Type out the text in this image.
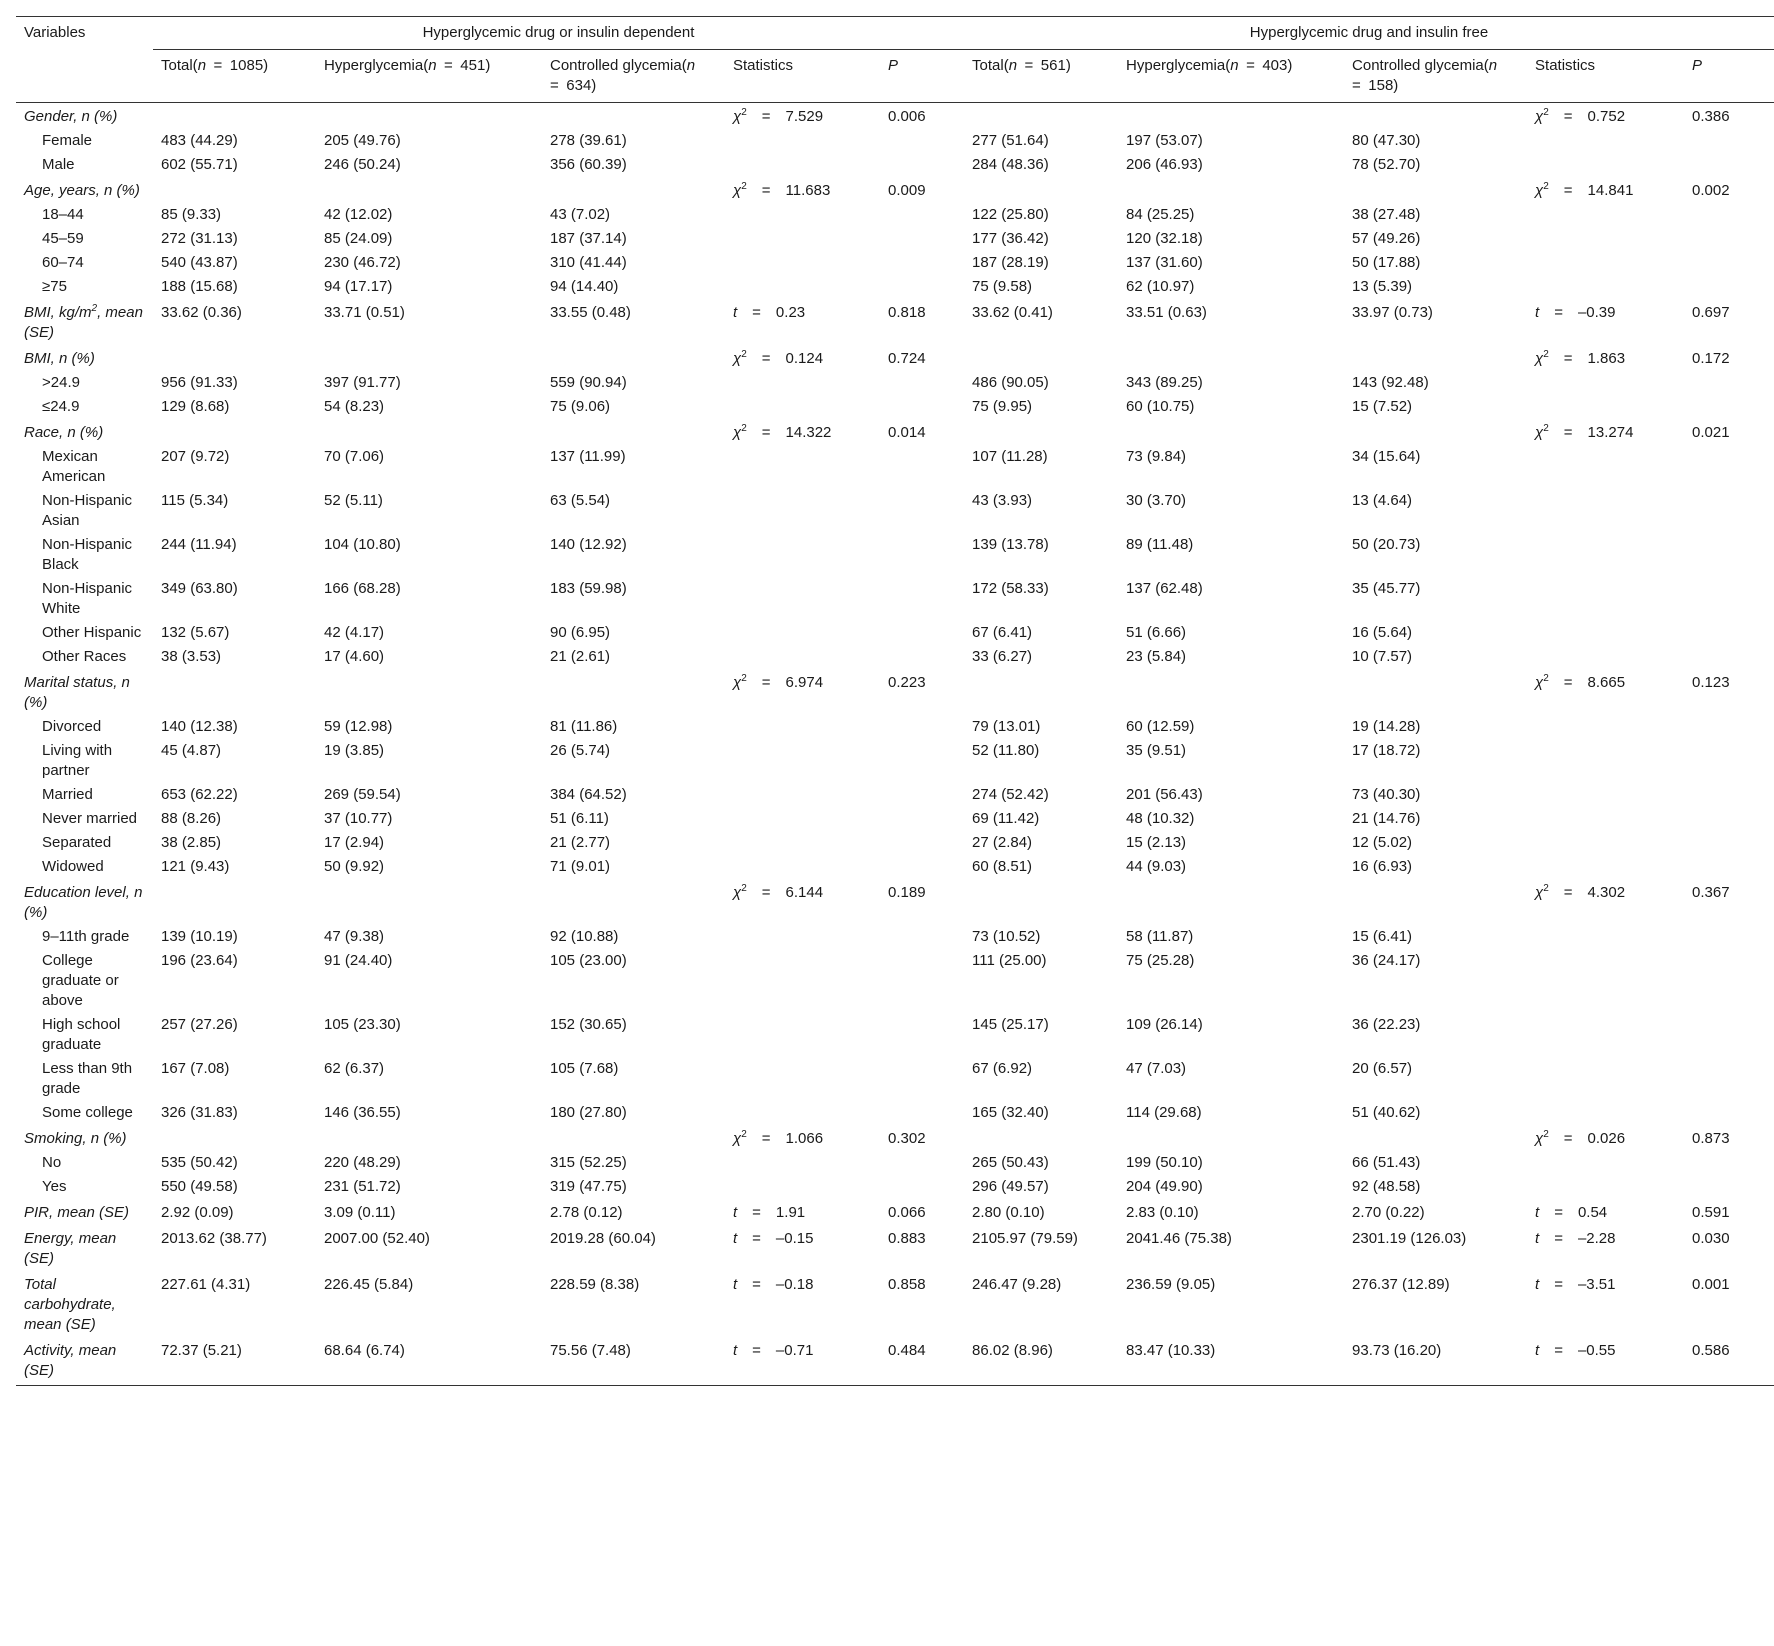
Variables	Hyperglycemic drug or insulin dependent					Hyperglycemic drug and insulin free				
	Total(n = 1085)	Hyperglycemia(n = 451)	Controlled glycemia(n = 634)	Statistics	P	Total(n = 561)	Hyperglycemia(n = 403)	Controlled glycemia(n = 158)	Statistics	P
Gender, n (%)				$\chi^2$ = 7.529	0.006				$\chi^2$ = 0.752	0.386
Female	483 (44.29)	205 (49.76)	278 (39.61)			277 (51.64)	197 (53.07)	80 (47.30)		
Male	602 (55.71)	246 (50.24)	356 (60.39)			284 (48.36)	206 (46.93)	78 (52.70)		
Age, years, n (%)				$\chi^2$ = 11.683	0.009				$\chi^2$ = 14.841	0.002
18–44	85 (9.33)	42 (12.02)	43 (7.02)			122 (25.80)	84 (25.25)	38 (27.48)		
45–59	272 (31.13)	85 (24.09)	187 (37.14)			177 (36.42)	120 (32.18)	57 (49.26)		
60–74	540 (43.87)	230 (46.72)	310 (41.44)			187 (28.19)	137 (31.60)	50 (17.88)		
≥75	188 (15.68)	94 (17.17)	94 (14.40)			75 (9.58)	62 (10.97)	13 (5.39)		
BMI, $kg/m^2$, mean (SE)	33.62 (0.36)	33.71 (0.51)	33.55 (0.48)	t = 0.23	0.818	33.62 (0.41)	33.51 (0.63)	33.97 (0.73)	t = –0.39	0.697
BMI, n (%)				$\chi^2$ = 0.124	0.724				$\chi^2$ = 1.863	0.172
>24.9	956 (91.33)	397 (91.77)	559 (90.94)			486 (90.05)	343 (89.25)	143 (92.48)		
≤24.9	129 (8.68)	54 (8.23)	75 (9.06)			75 (9.95)	60 (10.75)	15 (7.52)		
Race, n (%)				$\chi^2$ = 14.322	0.014				$\chi^2$ = 13.274	0.021
Mexican American	207 (9.72)	70 (7.06)	137 (11.99)			107 (11.28)	73 (9.84)	34 (15.64)		
Non-Hispanic Asian	115 (5.34)	52 (5.11)	63 (5.54)			43 (3.93)	30 (3.70)	13 (4.64)		
Non-Hispanic Black	244 (11.94)	104 (10.80)	140 (12.92)			139 (13.78)	89 (11.48)	50 (20.73)		
Non-Hispanic White	349 (63.80)	166 (68.28)	183 (59.98)			172 (58.33)	137 (62.48)	35 (45.77)		
Other Hispanic	132 (5.67)	42 (4.17)	90 (6.95)			67 (6.41)	51 (6.66)	16 (5.64)		
Other Races	38 (3.53)	17 (4.60)	21 (2.61)			33 (6.27)	23 (5.84)	10 (7.57)		
Marital status, n (%)				$\chi^2$ = 6.974	0.223				$\chi^2$ = 8.665	0.123
Divorced	140 (12.38)	59 (12.98)	81 (11.86)			79 (13.01)	60 (12.59)	19 (14.28)		
Living with partner	45 (4.87)	19 (3.85)	26 (5.74)			52 (11.80)	35 (9.51)	17 (18.72)		
Married	653 (62.22)	269 (59.54)	384 (64.52)			274 (52.42)	201 (56.43)	73 (40.30)		
Never married	88 (8.26)	37 (10.77)	51 (6.11)			69 (11.42)	48 (10.32)	21 (14.76)		
Separated	38 (2.85)	17 (2.94)	21 (2.77)			27 (2.84)	15 (2.13)	12 (5.02)		
Widowed	121 (9.43)	50 (9.92)	71 (9.01)			60 (8.51)	44 (9.03)	16 (6.93)		
Education level, n (%)				$\chi^2$ = 6.144	0.189				$\chi^2$ = 4.302	0.367
9–11th grade	139 (10.19)	47 (9.38)	92 (10.88)			73 (10.52)	58 (11.87)	15 (6.41)		
College graduate or above	196 (23.64)	91 (24.40)	105 (23.00)			111 (25.00)	75 (25.28)	36 (24.17)		
High school graduate	257 (27.26)	105 (23.30)	152 (30.65)			145 (25.17)	109 (26.14)	36 (22.23)		
Less than 9th grade	167 (7.08)	62 (6.37)	105 (7.68)			67 (6.92)	47 (7.03)	20 (6.57)		
Some college	326 (31.83)	146 (36.55)	180 (27.80)			165 (32.40)	114 (29.68)	51 (40.62)		
Smoking, n (%)				$\chi^2$ = 1.066	0.302				$\chi^2$ = 0.026	0.873
No	535 (50.42)	220 (48.29)	315 (52.25)			265 (50.43)	199 (50.10)	66 (51.43)		
Yes	550 (49.58)	231 (51.72)	319 (47.75)			296 (49.57)	204 (49.90)	92 (48.58)		
PIR, mean (SE)	2.92 (0.09)	3.09 (0.11)	2.78 (0.12)	t = 1.91	0.066	2.80 (0.10)	2.83 (0.10)	2.70 (0.22)	t = 0.54	0.591
Energy, mean (SE)	2013.62 (38.77)	2007.00 (52.40)	2019.28 (60.04)	t = –0.15	0.883	2105.97 (79.59)	2041.46 (75.38)	2301.19 (126.03)	t = –2.28	0.030
Total carbohydrate, mean (SE)	227.61 (4.31)	226.45 (5.84)	228.59 (8.38)	t = –0.18	0.858	246.47 (9.28)	236.59 (9.05)	276.37 (12.89)	t = –3.51	0.001
Activity, mean (SE)	72.37 (5.21)	68.64 (6.74)	75.56 (7.48)	t = –0.71	0.484	86.02 (8.96)	83.47 (10.33)	93.73 (16.20)	t = –0.55	0.586
